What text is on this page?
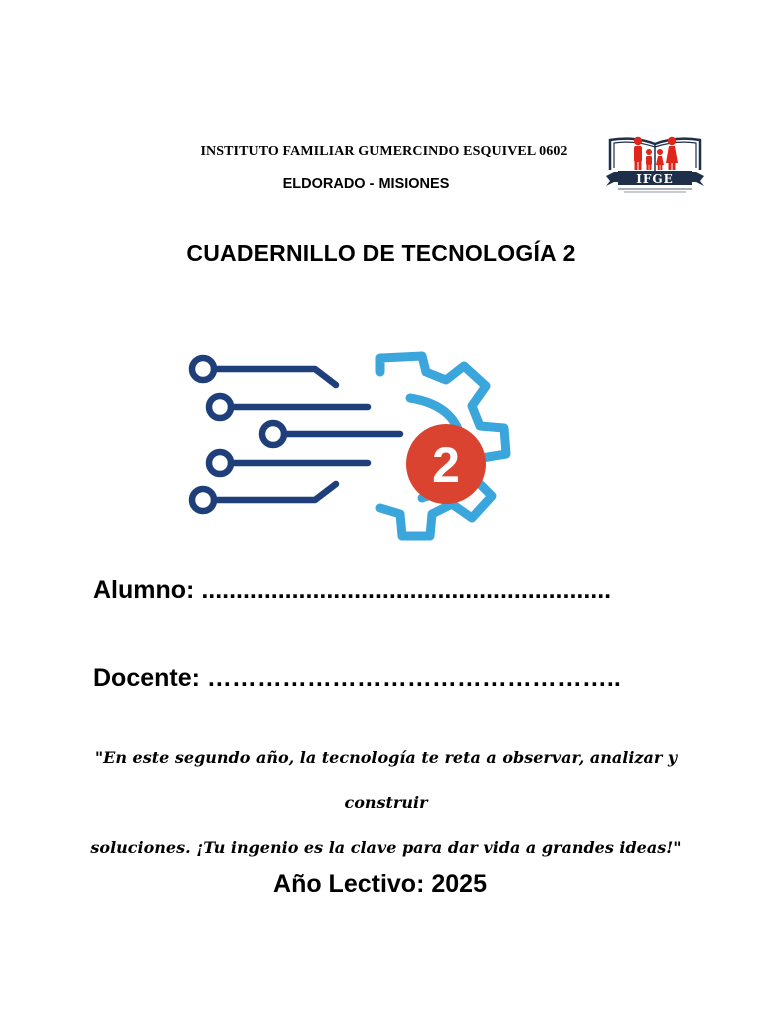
INSTITUTO FAMILIAR GUMERCINDO ESQUIVEL 0602
ELDORADO - MISIONES	IFGE
CUADERNILLO DE TECNOLOGÍA 2
2
Alumno: ...........................................................
Docente: …………………………………………..
"En este segundo año, la tecnología te reta a observar, analizar y construir
soluciones. ¡Tu ingenio es la clave para dar vida a grandes ideas!"
Año Lectivo: 2025
